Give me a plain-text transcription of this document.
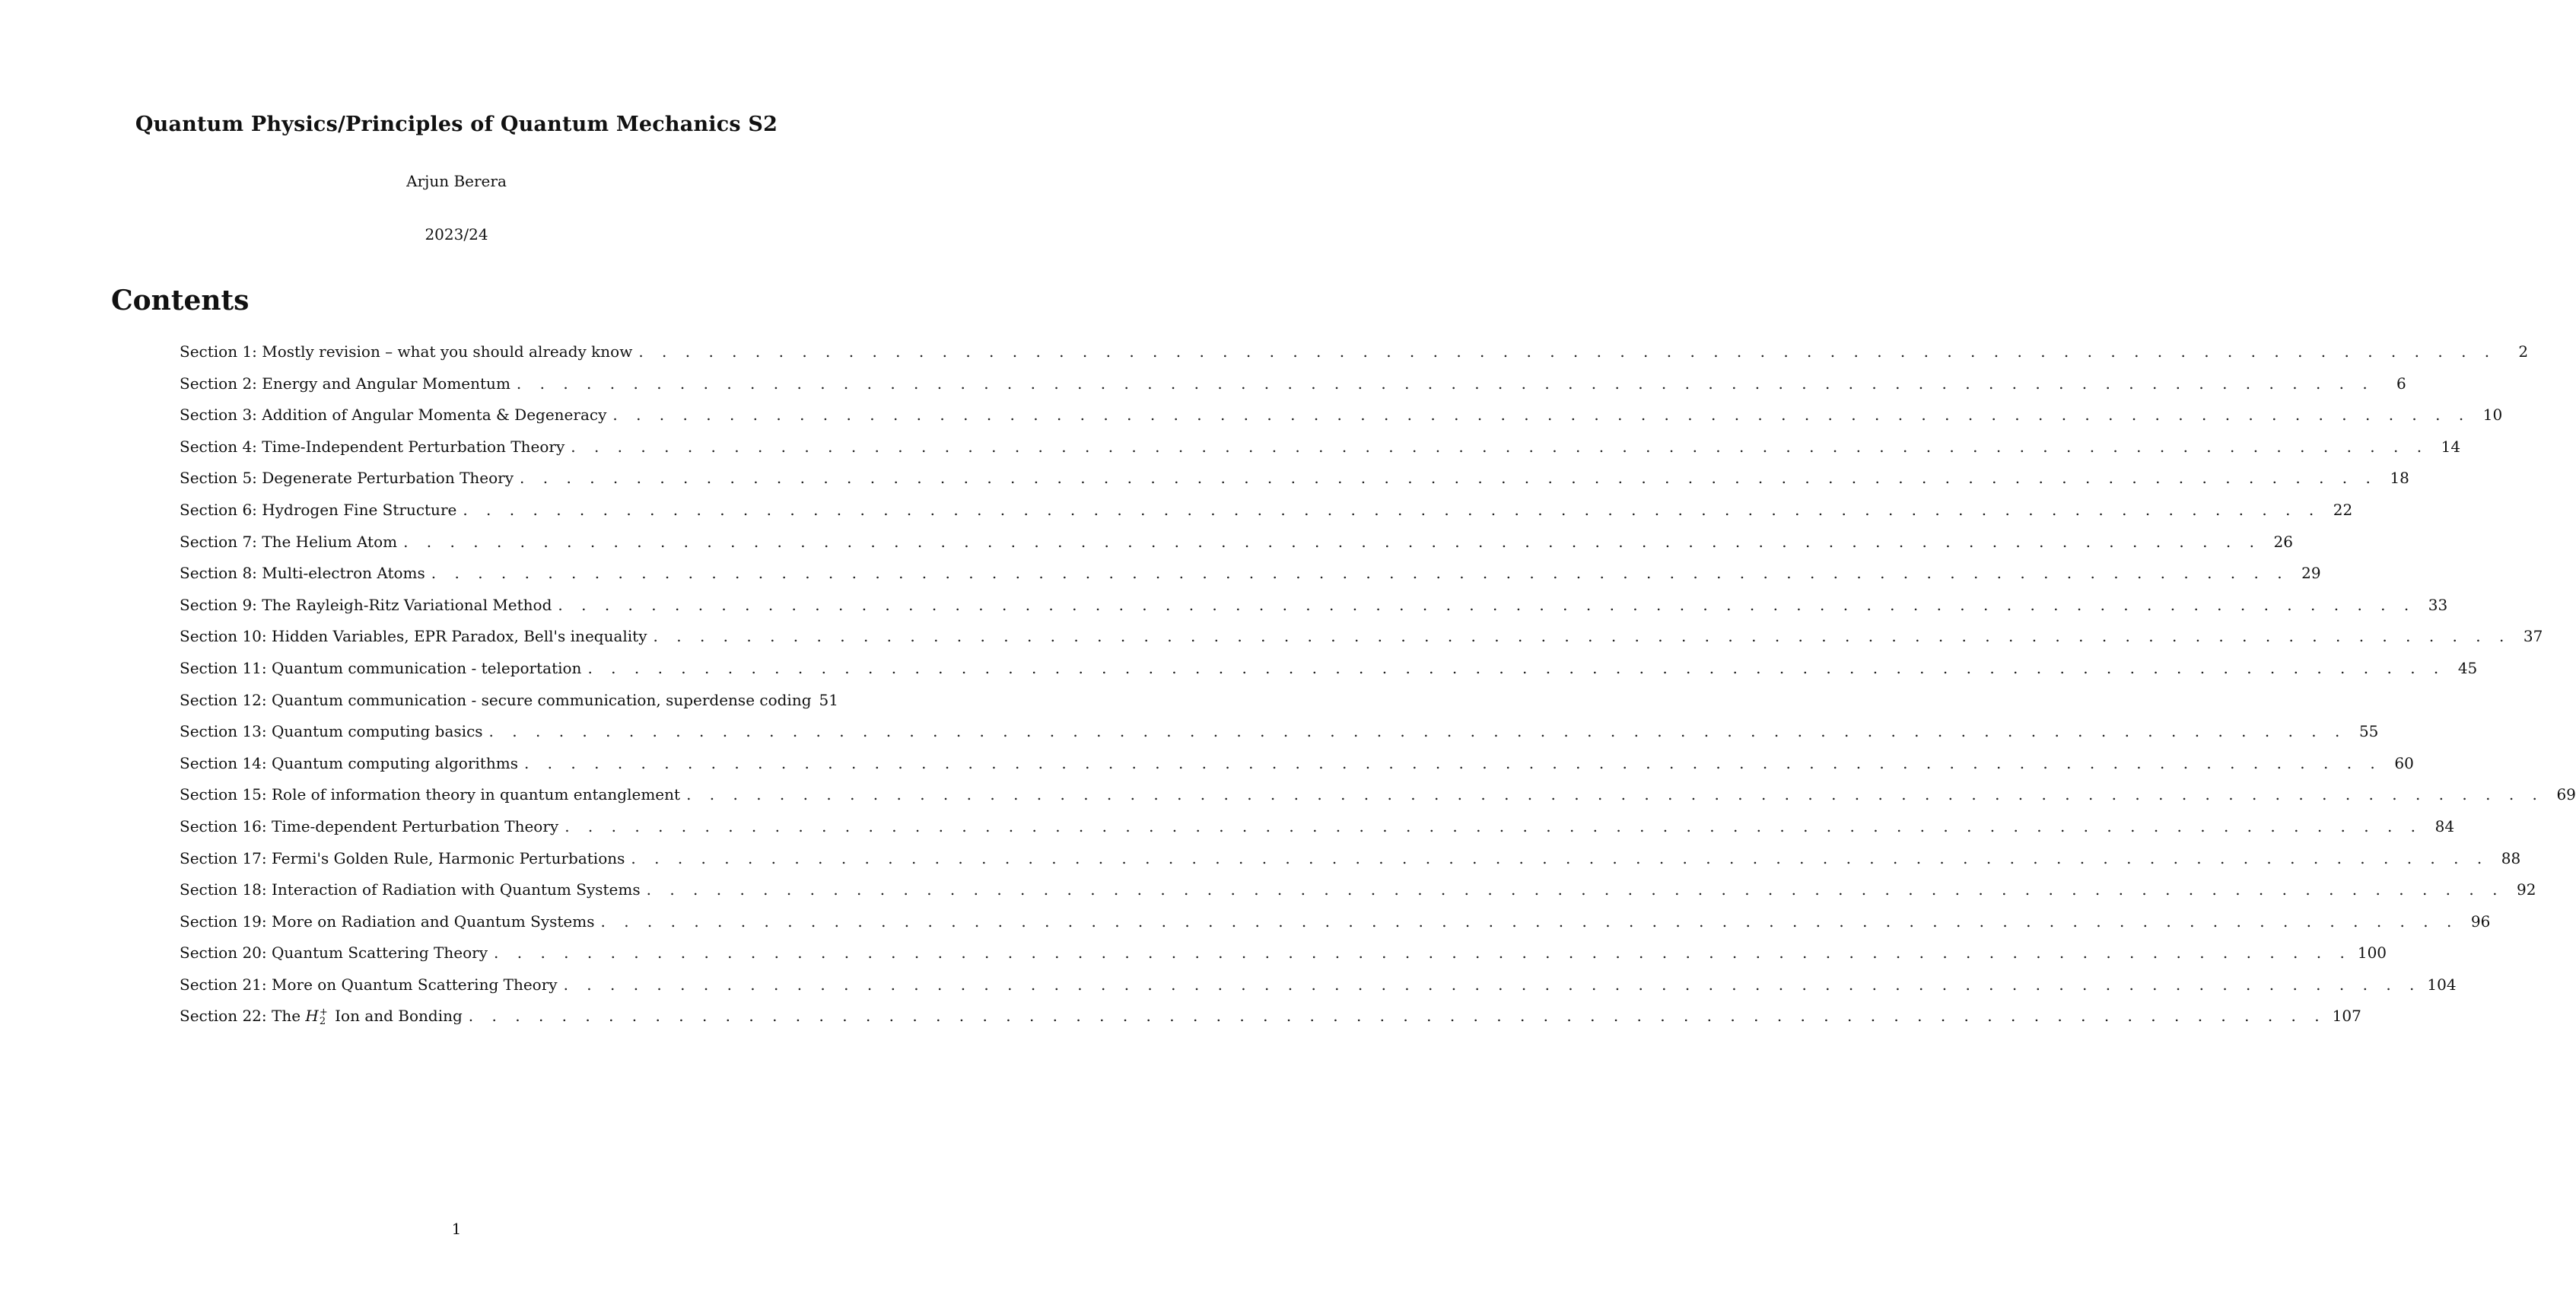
Quantum Physics/Principles of Quantum Mechanics S2
Arjun Berera
2023/24
Contents
Section 1: Mostly revision – what you should already know . . . . . . . . . . . . . . . . . . . . . . . . . . . . . . . . . . . . . . . . . . . . . . . . . . . . . . . . . . . . . . . . . . . . . . . . . . . . . . . .	2
Section 2: Energy and Angular Momentum . . . . . . . . . . . . . . . . . . . . . . . . . . . . . . . . . . . . . . . . . . . . . . . . . . . . . . . . . . . . . . . . . . . . . . . . . . . . . . . .	6
Section 3: Addition of Angular Momenta & Degeneracy . . . . . . . . . . . . . . . . . . . . . . . . . . . . . . . . . . . . . . . . . . . . . . . . . . . . . . . . . . . . . . . . . . . . . . . . . . . . . . . . 10
Section 4: Time-Independent Perturbation Theory . . . . . . . . . . . . . . . . . . . . . . . . . . . . . . . . . . . . . . . . . . . . . . . . . . . . . . . . . . . . . . . . . . . . . . . . . . . . . . . . 14
Section 5: Degenerate Perturbation Theory . . . . . . . . . . . . . . . . . . . . . . . . . . . . . . . . . . . . . . . . . . . . . . . . . . . . . . . . . . . . . . . . . . . . . . . . . . . . . . . . 18
Section 6: Hydrogen Fine Structure . . . . . . . . . . . . . . . . . . . . . . . . . . . . . . . . . . . . . . . . . . . . . . . . . . . . . . . . . . . . . . . . . . . . . . . . . . . . . . . . 22
Section 7: The Helium Atom . . . . . . . . . . . . . . . . . . . . . . . . . . . . . . . . . . . . . . . . . . . . . . . . . . . . . . . . . . . . . . . . . . . . . . . . . . . . . . . . 26
Section 8: Multi-electron Atoms . . . . . . . . . . . . . . . . . . . . . . . . . . . . . . . . . . . . . . . . . . . . . . . . . . . . . . . . . . . . . . . . . . . . . . . . . . . . . . . . 29
Section 9: The Rayleigh-Ritz Variational Method . . . . . . . . . . . . . . . . . . . . . . . . . . . . . . . . . . . . . . . . . . . . . . . . . . . . . . . . . . . . . . . . . . . . . . . . . . . . . . . . 33
Section 10: Hidden Variables, EPR Paradox, Bell's inequality . . . . . . . . . . . . . . . . . . . . . . . . . . . . . . . . . . . . . . . . . . . . . . . . . . . . . . . . . . . . . . . . . . . . . . . . . . . . . . . . 37
Section 11: Quantum communication - teleportation . . . . . . . . . . . . . . . . . . . . . . . . . . . . . . . . . . . . . . . . . . . . . . . . . . . . . . . . . . . . . . . . . . . . . . . . . . . . . . . . 45
Section 12: Quantum communication - secure communication, superdense coding 51
Section 13: Quantum computing basics . . . . . . . . . . . . . . . . . . . . . . . . . . . . . . . . . . . . . . . . . . . . . . . . . . . . . . . . . . . . . . . . . . . . . . . . . . . . . . . . 55
Section 14: Quantum computing algorithms . . . . . . . . . . . . . . . . . . . . . . . . . . . . . . . . . . . . . . . . . . . . . . . . . . . . . . . . . . . . . . . . . . . . . . . . . . . . . . . . 60
Section 15: Role of information theory in quantum entanglement . . . . . . . . . . . . . . . . . . . . . . . . . . . . . . . . . . . . . . . . . . . . . . . . . . . . . . . . . . . . . . . . . . . . . . . . . . . . . . . . 69
Section 16: Time-dependent Perturbation Theory . . . . . . . . . . . . . . . . . . . . . . . . . . . . . . . . . . . . . . . . . . . . . . . . . . . . . . . . . . . . . . . . . . . . . . . . . . . . . . . . 84
Section 17: Fermi's Golden Rule, Harmonic Perturbations . . . . . . . . . . . . . . . . . . . . . . . . . . . . . . . . . . . . . . . . . . . . . . . . . . . . . . . . . . . . . . . . . . . . . . . . . . . . . . . . 88
Section 18: Interaction of Radiation with Quantum Systems . . . . . . . . . . . . . . . . . . . . . . . . . . . . . . . . . . . . . . . . . . . . . . . . . . . . . . . . . . . . . . . . . . . . . . . . . . . . . . . . 92
Section 19: More on Radiation and Quantum Systems . . . . . . . . . . . . . . . . . . . . . . . . . . . . . . . . . . . . . . . . . . . . . . . . . . . . . . . . . . . . . . . . . . . . . . . . . . . . . . . . 96
Section 20: Quantum Scattering Theory . . . . . . . . . . . . . . . . . . . . . . . . . . . . . . . . . . . . . . . . . . . . . . . . . . . . . . . . . . . . . . . . . . . . . . . . . . . . . . . . 100
Section 21: More on Quantum Scattering Theory . . . . . . . . . . . . . . . . . . . . . . . . . . . . . . . . . . . . . . . . . . . . . . . . . . . . . . . . . . . . . . . . . . . . . . . . . . . . . . . . 104
Section 22: The H +
2 Ion and Bonding . . . . . . . . . . . . . . . . . . . . . . . . . . . . . . . . . . . . . . . . . . . . . . . . . . . . . . . . . . . . . . . . . . . . . . . . . . . . . . . . 107
1
